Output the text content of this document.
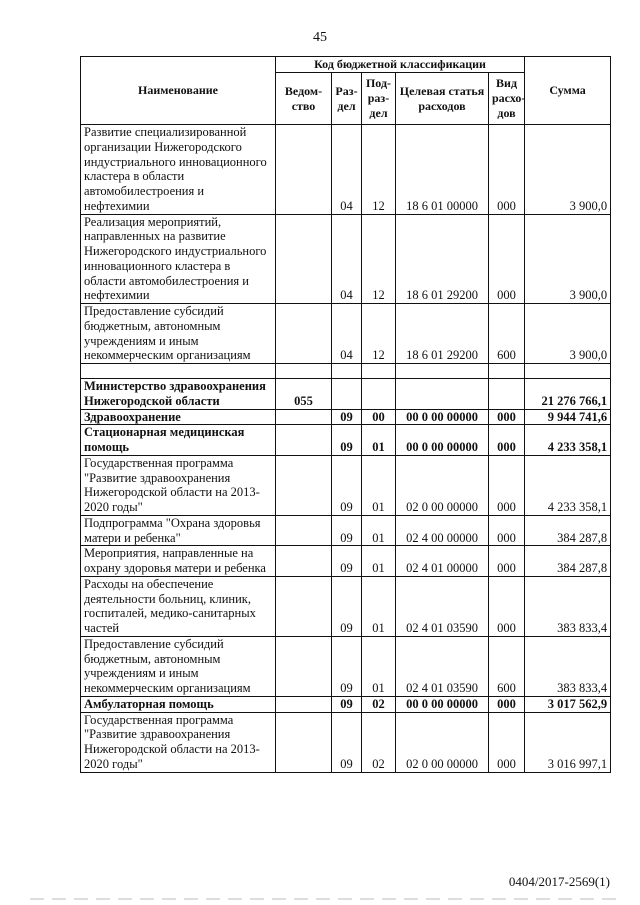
45
Наименование	Код бюджетной классификации					Сумма
	Ведом-ство	Раз-дел	Под-раз-дел	Целевая статья расходов	Вид расхо-дов	
Развитие специализированной организации Нижегородского индустриального инновационного кластера в области автомобилестроения и нефтехимии		04	12	18 6 01 00000	000	3 900,0
Реализация мероприятий, направленных на развитие Нижегородского индустриального инновационного кластера в области автомобилестроения и нефтехимии		04	12	18 6 01 29200	000	3 900,0
Предоставление субсидий бюджетным, автономным учреждениям и иным некоммерческим организациям		04	12	18 6 01 29200	600	3 900,0

Министерство здравоохранения Нижегородской области	055					21 276 766,1
Здравоохранение		09	00	00 0 00 00000	000	9 944 741,6
Стационарная медицинская помощь		09	01	00 0 00 00000	000	4 233 358,1
Государственная программа "Развитие здравоохранения Нижегородской области на 2013-2020 годы"		09	01	02 0 00 00000	000	4 233 358,1
Подпрограмма "Охрана здоровья матери и ребенка"		09	01	02 4 00 00000	000	384 287,8
Мероприятия, направленные на охрану здоровья матери и ребенка		09	01	02 4 01 00000	000	384 287,8
Расходы на обеспечение деятельности больниц, клиник, госпиталей, медико-санитарных частей		09	01	02 4 01 03590	000	383 833,4
Предоставление субсидий бюджетным, автономным учреждениям и иным некоммерческим организациям		09	01	02 4 01 03590	600	383 833,4
Амбулаторная помощь		09	02	00 0 00 00000	000	3 017 562,9
Государственная программа "Развитие здравоохранения Нижегородской области на 2013-2020 годы"		09	02	02 0 00 00000	000	3 016 997,1
0404/2017-2569(1)
